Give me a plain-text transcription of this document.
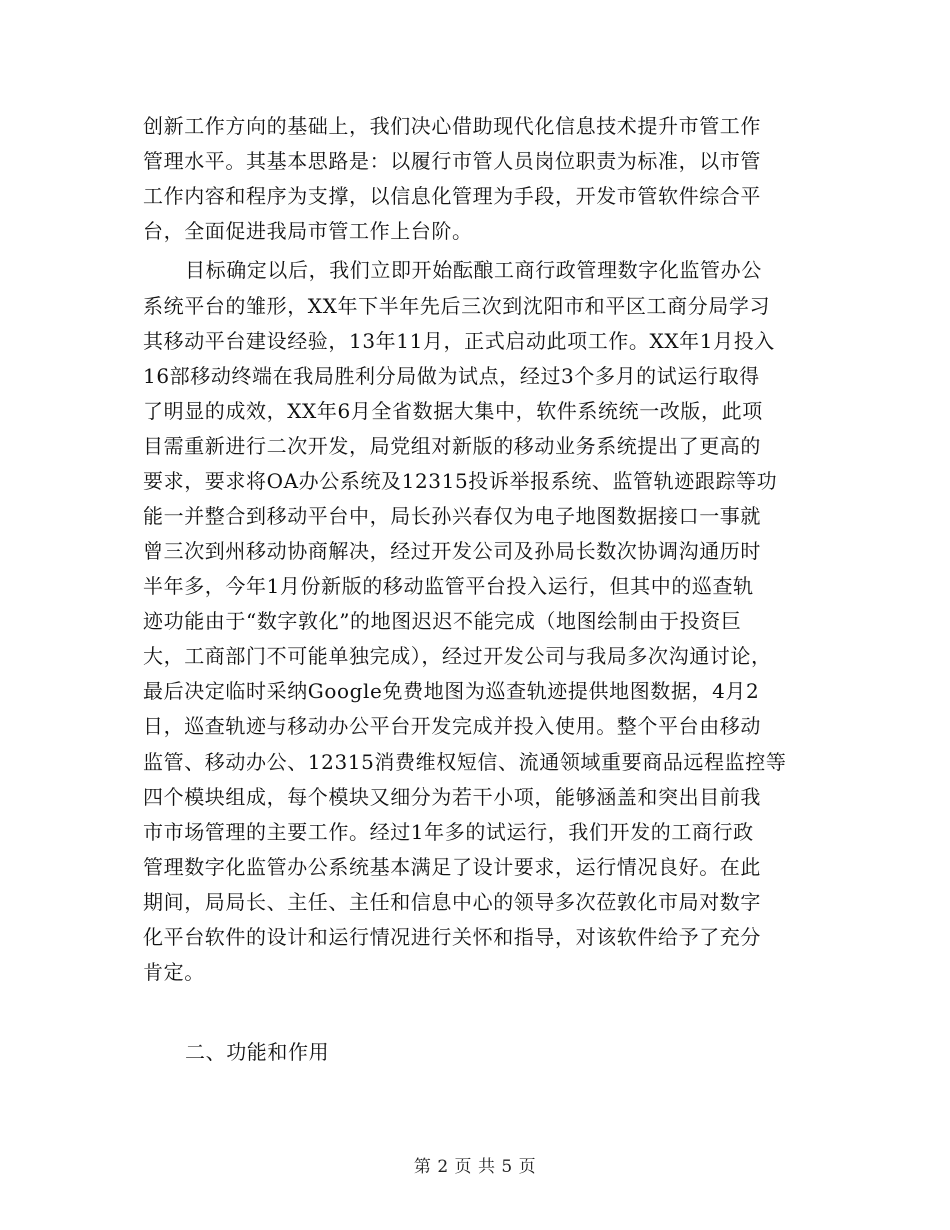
创新工作方向的基础上，我们决心借助现代化信息技术提升市管工作
管理水平。其基本思路是：以履行市管人员岗位职责为标准，以市管
工作内容和程序为支撑，以信息化管理为手段，开发市管软件综合平
台，全面促进我局市管工作上台阶。
目标确定以后，我们立即开始酝酿工商行政管理数字化监管办公
系统平台的雏形，XX年下半年先后三次到沈阳市和平区工商分局学习
其移动平台建设经验，13年11月，正式启动此项工作。XX年1月投入
16部移动终端在我局胜利分局做为试点，经过3个多月的试运行取得
了明显的成效，XX年6月全省数据大集中，软件系统统一改版，此项
目需重新进行二次开发，局党组对新版的移动业务系统提出了更高的
要求，要求将OA办公系统及12315投诉举报系统、监管轨迹跟踪等功
能一并整合到移动平台中，局长孙兴春仅为电子地图数据接口一事就
曾三次到州移动协商解决，经过开发公司及孙局长数次协调沟通历时
半年多，今年1月份新版的移动监管平台投入运行，但其中的巡查轨
迹功能由于“数字敦化”的地图迟迟不能完成（地图绘制由于投资巨
大，工商部门不可能单独完成），经过开发公司与我局多次沟通讨论，
最后决定临时采纳Google免费地图为巡查轨迹提供地图数据，4月2
日，巡查轨迹与移动办公平台开发完成并投入使用。整个平台由移动
监管、移动办公、12315消费维权短信、流通领域重要商品远程监控等
四个模块组成，每个模块又细分为若干小项，能够涵盖和突出目前我
市市场管理的主要工作。经过1年多的试运行，我们开发的工商行政
管理数字化监管办公系统基本满足了设计要求，运行情况良好。在此
期间，局局长、主任、主任和信息中心的领导多次莅敦化市局对数字
化平台软件的设计和运行情况进行关怀和指导，对该软件给予了充分
肯定。
二、功能和作用
第 2 页 共 5 页
